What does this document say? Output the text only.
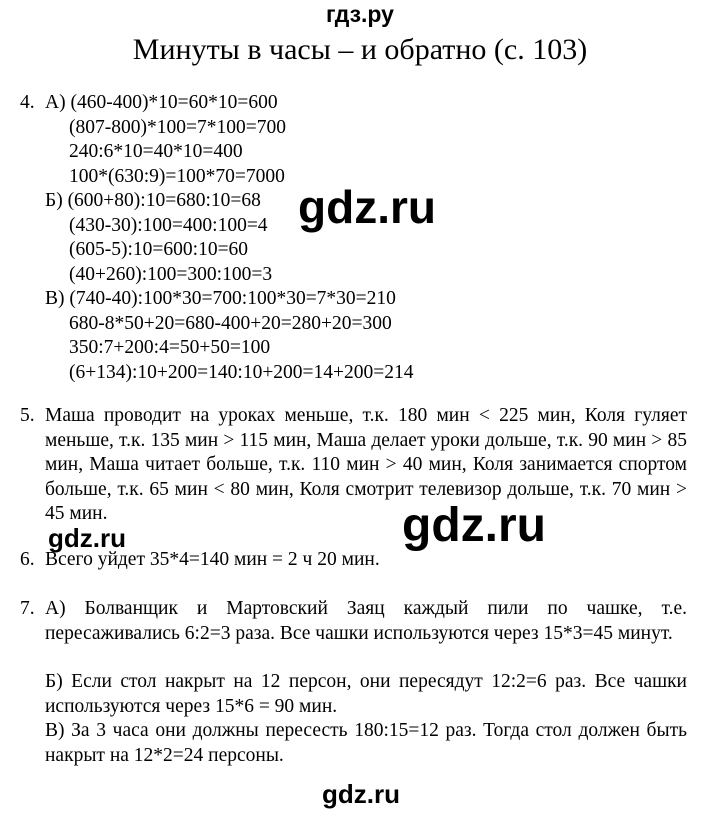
гдз.ру
Минуты в часы – и обратно (с. 103)
gdz.ru
gdz.ru
gdz.ru
gdz.ru
4. А) (460-400)*10=60*10=600
(807-800)*100=7*100=700
240:6*10=40*10=400
100*(630:9)=100*70=7000
Б) (600+80):10=680:10=68
(430-30):100=400:100=4
(605-5):10=600:10=60
(40+260):100=300:100=3
В) (740-40):100*30=700:100*30=7*30=210
680-8*50+20=680-400+20=280+20=300
350:7+200:4=50+50=100
(6+134):10+200=140:10+200=14+200=214
5. Маша проводит на уроках меньше, т.к. 180 мин < 225 мин, Коля гуляет меньше, т.к. 135 мин > 115 мин, Маша делает уроки дольше, т.к. 90 мин > 85 мин, Маша читает больше, т.к. 110 мин > 40 мин, Коля занимается спортом больше, т.к. 65 мин < 80 мин, Коля смотрит телевизор дольше, т.к. 70 мин > 45 мин.
6. Всего уйдет 35*4=140 мин = 2 ч 20 мин.
7. А) Болванщик и Мартовский Заяц каждый пили по чашке, т.е. пересаживались 6:2=3 раза. Все чашки используются через 15*3=45 минут.
Б) Если стол накрыт на 12 персон, они пересядут 12:2=6 раз. Все чашки используются через 15*6 = 90 мин.
В) За 3 часа они должны пересесть 180:15=12 раз. Тогда стол должен быть накрыт на 12*2=24 персоны.
